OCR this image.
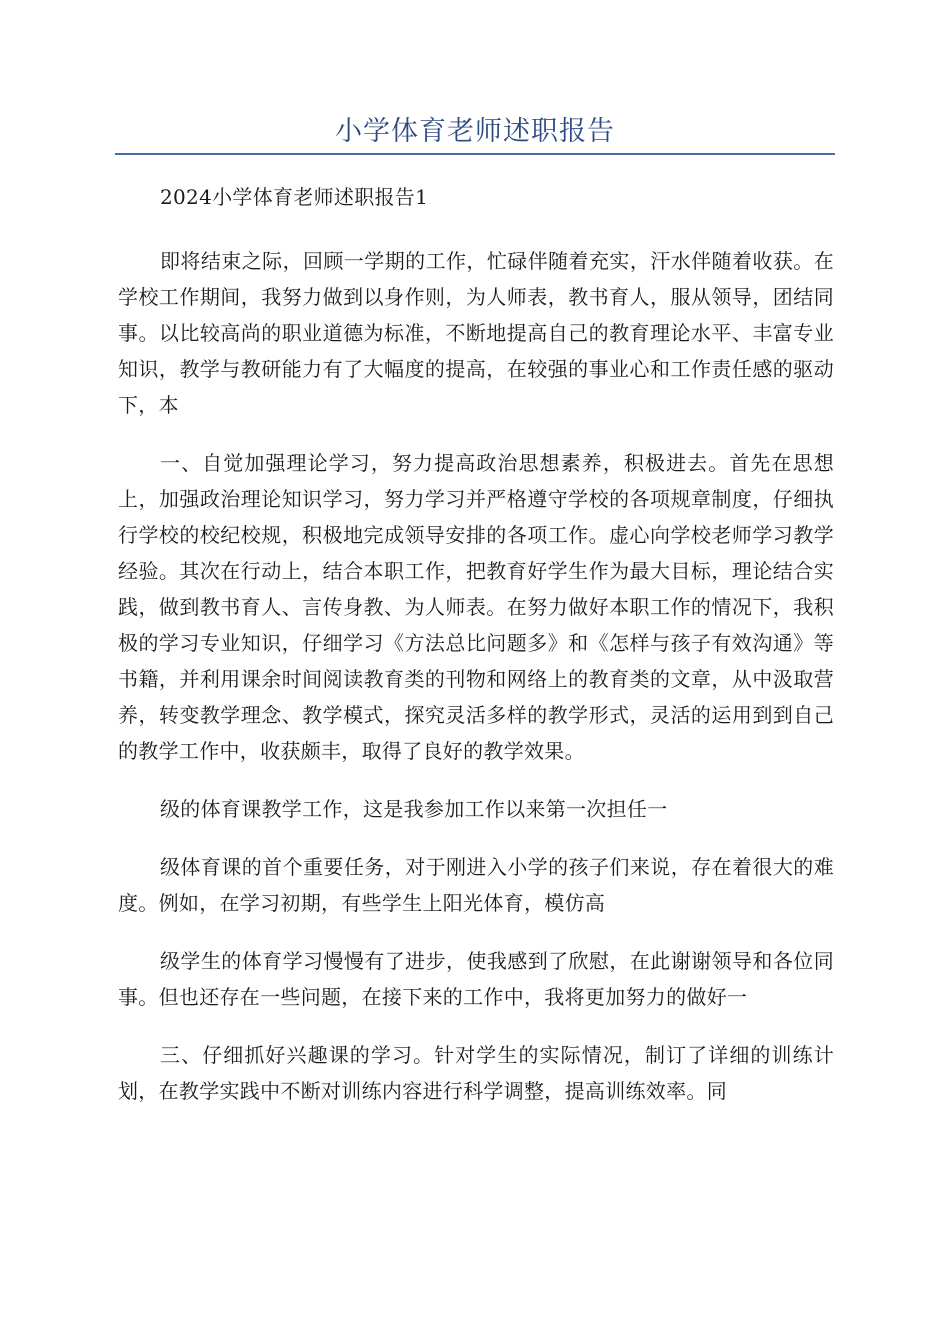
小学体育老师述职报告

2024小学体育老师述职报告1

即将结束之际，回顾一学期的工作，忙碌伴随着充实，汗水伴随着收获。在学校工作期间，我努力做到以身作则，为人师表，教书育人，服从领导，团结同事。以比较高尚的职业道德为标准，不断地提高自己的教育理论水平、丰富专业知识，教学与教研能力有了大幅度的提高，在较强的事业心和工作责任感的驱动下，本

一、自觉加强理论学习，努力提高政治思想素养，积极进去。首先在思想上，加强政治理论知识学习，努力学习并严格遵守学校的各项规章制度，仔细执行学校的校纪校规，积极地完成领导安排的各项工作。虚心向学校老师学习教学经验。其次在行动上，结合本职工作，把教育好学生作为最大目标，理论结合实践，做到教书育人、言传身教、为人师表。在努力做好本职工作的情况下，我积极的学习专业知识，仔细学习《方法总比问题多》和《怎样与孩子有效沟通》等书籍，并利用课余时间阅读教育类的刊物和网络上的教育类的文章，从中汲取营养，转变教学理念、教学模式，探究灵活多样的教学形式，灵活的运用到到自己的教学工作中，收获颇丰，取得了良好的教学效果。

级的体育课教学工作，这是我参加工作以来第一次担任一

级体育课的首个重要任务，对于刚进入小学的孩子们来说，存在着很大的难度。例如，在学习初期，有些学生上阳光体育，模仿高

级学生的体育学习慢慢有了进步，使我感到了欣慰，在此谢谢领导和各位同事。但也还存在一些问题，在接下来的工作中，我将更加努力的做好一

三、仔细抓好兴趣课的学习。针对学生的实际情况，制订了详细的训练计划，在教学实践中不断对训练内容进行科学调整，提高训练效率。同
